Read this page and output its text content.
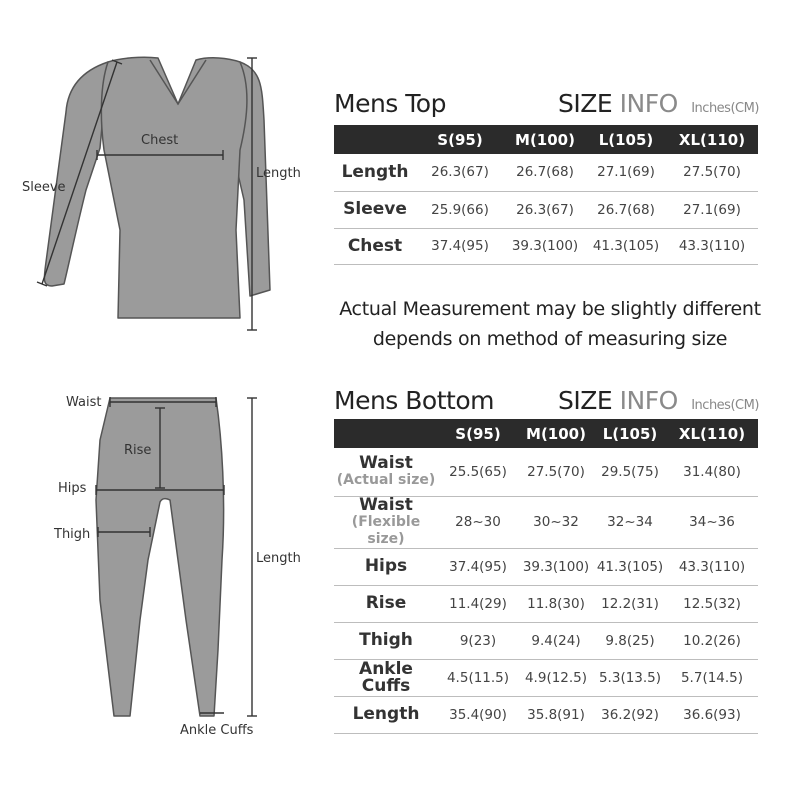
Chest
Sleeve
Length
Waist
Rise
Hips
Thigh
Length
Ankle Cuffs
Mens Top	SIZE INFO Inches(CM)
	S(95)	M(100)	L(105)	XL(110)
Length	26.3(67)	26.7(68)	27.1(69)	27.5(70)
Sleeve	25.9(66)	26.3(67)	26.7(68)	27.1(69)
Chest	37.4(95)	39.3(100)	41.3(105)	43.3(110)
Actual Measurement may be slightly different
depends on method of measuring size
Mens Bottom	SIZE INFO Inches(CM)
	S(95)	M(100)	L(105)	XL(110)
Waist
(Actual size)	25.5(65)	27.5(70)	29.5(75)	31.4(80)
Waist
(Flexible size)	28~30	30~32	32~34	34~36
Hips	37.4(95)	39.3(100)	41.3(105)	43.3(110)
Rise	11.4(29)	11.8(30)	12.2(31)	12.5(32)
Thigh	9(23)	9.4(24)	9.8(25)	10.2(26)
Ankle Cuffs	4.5(11.5)	4.9(12.5)	5.3(13.5)	5.7(14.5)
Length	35.4(90)	35.8(91)	36.2(92)	36.6(93)
